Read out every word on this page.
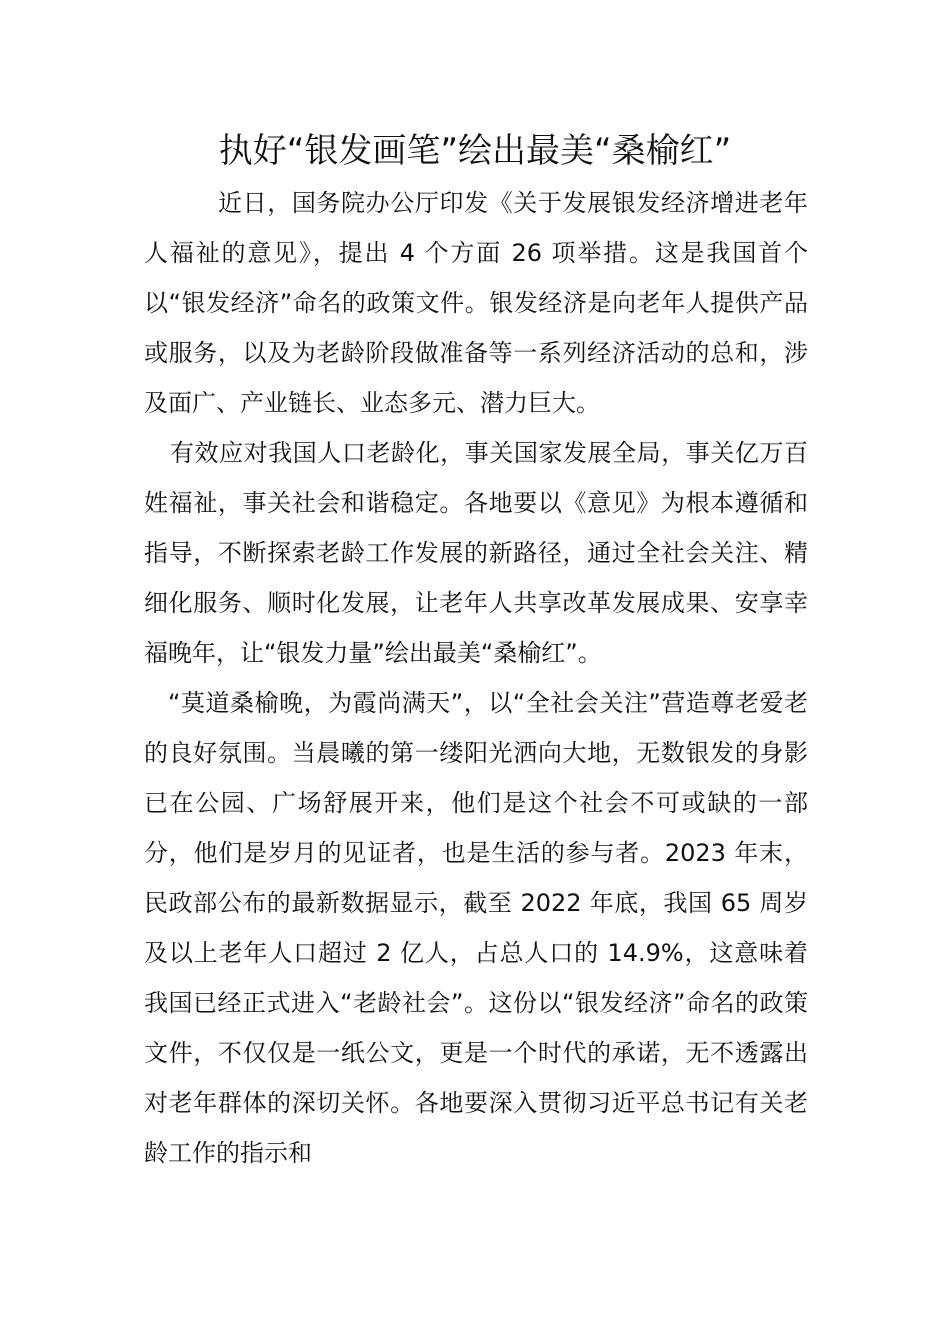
执好“银发画笔”绘出最美“桑榆红”

近日，国务院办公厅印发《关于发展银发经济增进老年人福祉的意见》，提出 4 个方面 26 项举措。这是我国首个以“银发经济”命名的政策文件。银发经济是向老年人提供产品或服务，以及为老龄阶段做准备等一系列经济活动的总和，涉及面广、产业链长、业态多元、潜力巨大。

有效应对我国人口老龄化，事关国家发展全局，事关亿万百姓福祉，事关社会和谐稳定。各地要以《意见》为根本遵循和指导，不断探索老龄工作发展的新路径，通过全社会关注、精细化服务、顺时化发展，让老年人共享改革发展成果、安享幸福晚年，让“银发力量”绘出最美“桑榆红”。

“莫道桑榆晚，为霞尚满天”，以“全社会关注”营造尊老爱老的良好氛围。当晨曦的第一缕阳光洒向大地，无数银发的身影已在公园、广场舒展开来，他们是这个社会不可或缺的一部分，他们是岁月的见证者，也是生活的参与者。2023 年末，民政部公布的最新数据显示，截至 2022 年底，我国 65 周岁及以上老年人口超过 2 亿人，占总人口的 14.9%，这意味着我国已经正式进入“老龄社会”。这份以“银发经济”命名的政策文件，不仅仅是一纸公文，更是一个时代的承诺，无不透露出对老年群体的深切关怀。各地要深入贯彻习近平总书记有关老龄工作的指示和
